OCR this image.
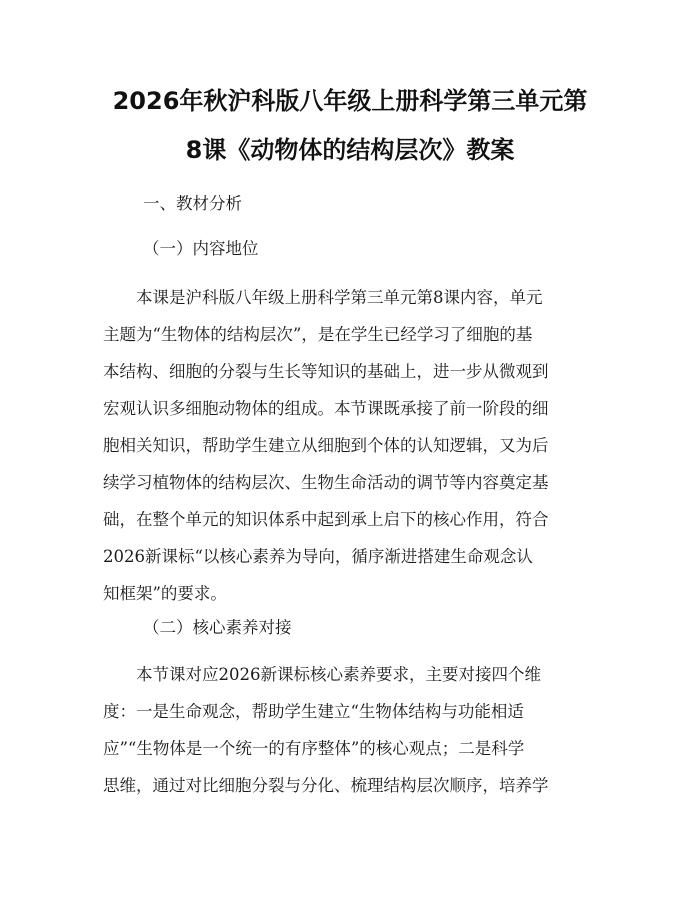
2026年秋沪科版八年级上册科学第三单元第
8课《动物体的结构层次》教案
一、教材分析
（一）内容地位
　　本课是沪科版八年级上册科学第三单元第8课内容，单元
主题为“生物体的结构层次”，是在学生已经学习了细胞的基
本结构、细胞的分裂与生长等知识的基础上，进一步从微观到
宏观认识多细胞动物体的组成。本节课既承接了前一阶段的细
胞相关知识，帮助学生建立从细胞到个体的认知逻辑，又为后
续学习植物体的结构层次、生物生命活动的调节等内容奠定基
础，在整个单元的知识体系中起到承上启下的核心作用，符合
2026新课标“以核心素养为导向，循序渐进搭建生命观念认
知框架”的要求。
（二）核心素养对接
　　本节课对应2026新课标核心素养要求，主要对接四个维
度：一是生命观念，帮助学生建立“生物体结构与功能相适
应”“生物体是一个统一的有序整体”的核心观点；二是科学
思维，通过对比细胞分裂与分化、梳理结构层次顺序，培养学
